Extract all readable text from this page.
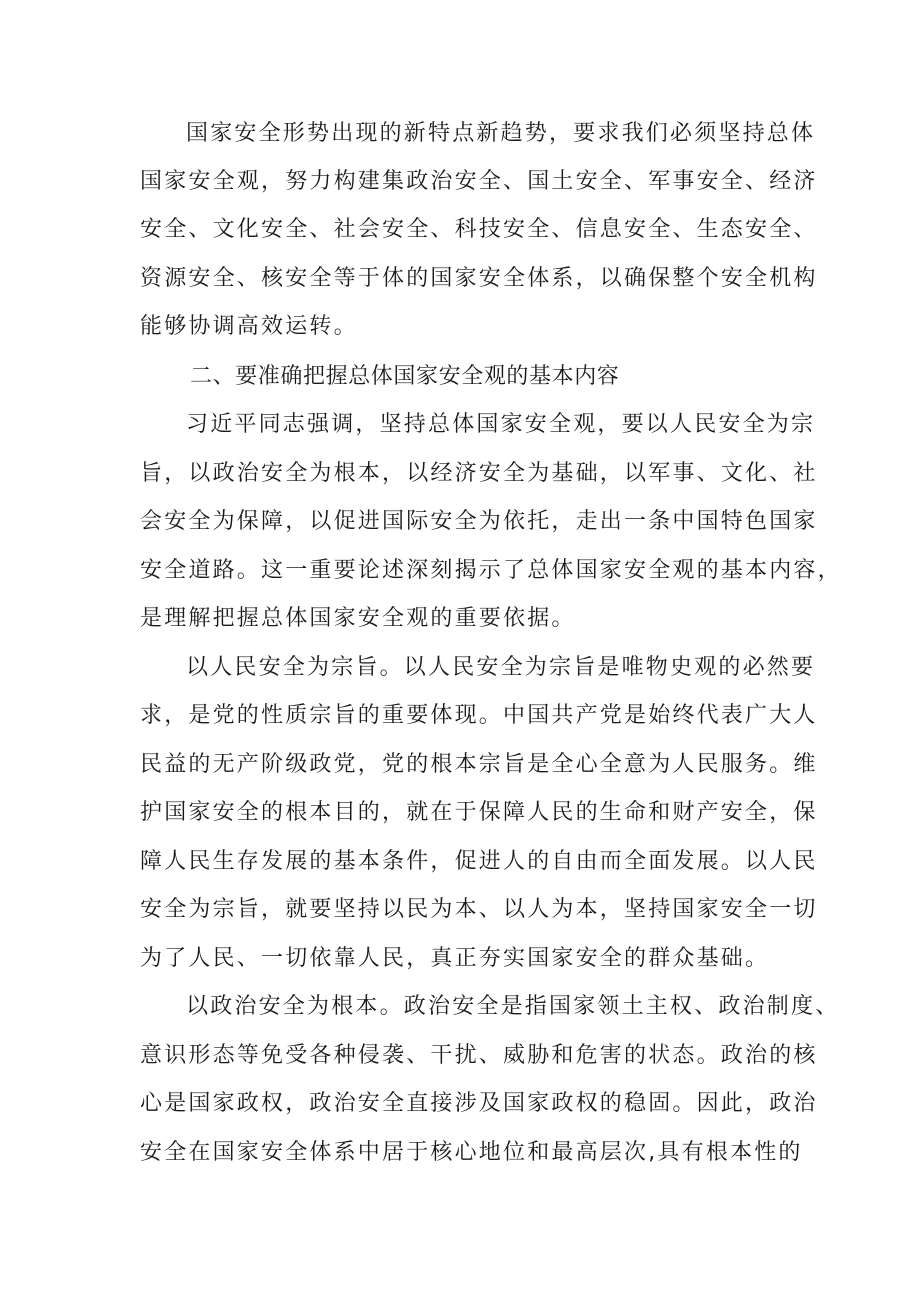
国家安全形势出现的新特点新趋势，要求我们必须坚持总体
国家安全观，努力构建集政治安全、国土安全、军事安全、经济
安全、文化安全、社会安全、科技安全、信息安全、生态安全、
资源安全、核安全等于体的国家安全体系，以确保整个安全机构
能够协调高效运转。
二、要准确把握总体国家安全观的基本内容
习近平同志强调，坚持总体国家安全观，要以人民安全为宗
旨，以政治安全为根本，以经济安全为基础，以军事、文化、社
会安全为保障，以促进国际安全为依托，走出一条中国特色国家
安全道路。这一重要论述深刻揭示了总体国家安全观的基本内容，
是理解把握总体国家安全观的重要依据。
以人民安全为宗旨。以人民安全为宗旨是唯物史观的必然要
求，是党的性质宗旨的重要体现。中国共产党是始终代表广大人
民益的无产阶级政党，党的根本宗旨是全心全意为人民服务。维
护国家安全的根本目的，就在于保障人民的生命和财产安全，保
障人民生存发展的基本条件，促进人的自由而全面发展。以人民
安全为宗旨，就要坚持以民为本、以人为本，坚持国家安全一切
为了人民、一切依靠人民，真正夯实国家安全的群众基础。
以政治安全为根本。政治安全是指国家领土主权、政治制度、
意识形态等免受各种侵袭、干扰、威胁和危害的状态。政治的核
心是国家政权，政治安全直接涉及国家政权的稳固。因此，政治
安全在国家安全体系中居于核心地位和最高层次,具有根本性的
